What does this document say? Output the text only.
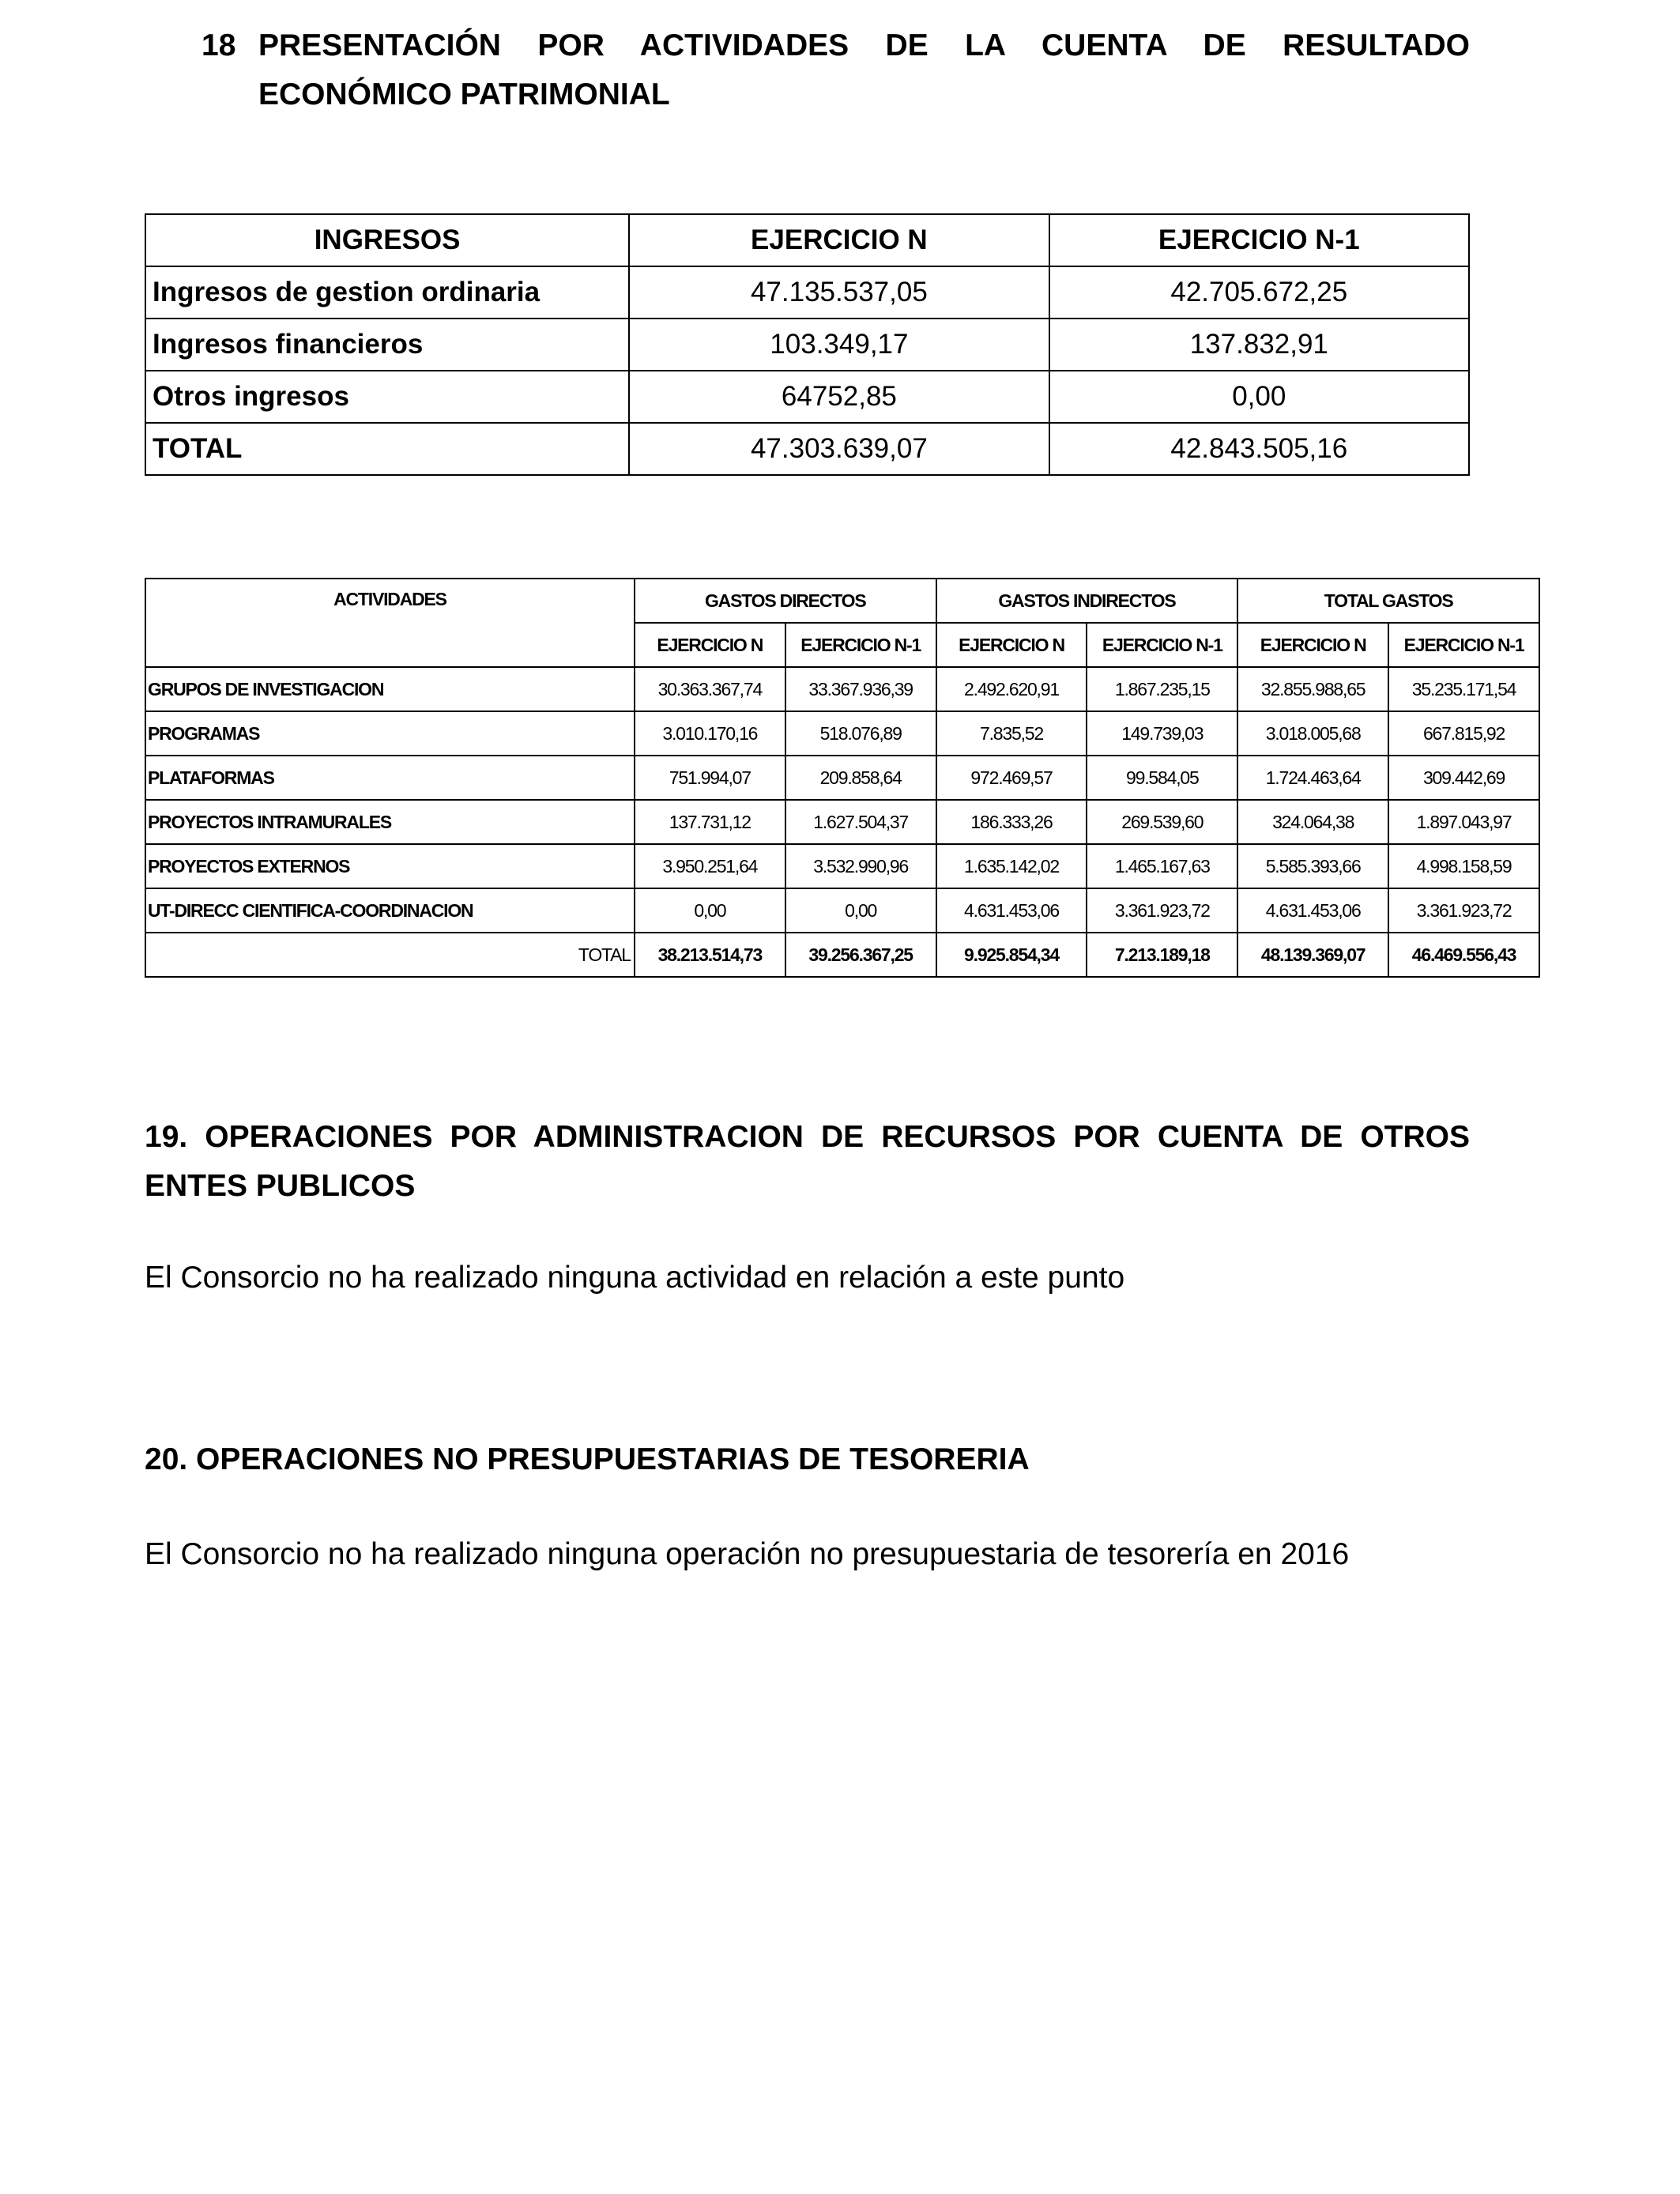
18 PRESENTACIÓN POR ACTIVIDADES DE LA CUENTA DE RESULTADO ECONÓMICO PATRIMONIAL
INGRESOS	EJERCICIO N	EJERCICIO N-1
Ingresos de gestion ordinaria	47.135.537,05	42.705.672,25
Ingresos financieros	103.349,17	137.832,91
Otros ingresos	64752,85	0,00
TOTAL	47.303.639,07	42.843.505,16
ACTIVIDADES	GASTOS DIRECTOS		GASTOS INDIRECTOS		TOTAL GASTOS	
	EJERCICIO N	EJERCICIO N-1	EJERCICIO N	EJERCICIO N-1	EJERCICIO N	EJERCICIO N-1
GRUPOS DE INVESTIGACION	30.363.367,74	33.367.936,39	2.492.620,91	1.867.235,15	32.855.988,65	35.235.171,54
PROGRAMAS	3.010.170,16	518.076,89	7.835,52	149.739,03	3.018.005,68	667.815,92
PLATAFORMAS	751.994,07	209.858,64	972.469,57	99.584,05	1.724.463,64	309.442,69
PROYECTOS INTRAMURALES	137.731,12	1.627.504,37	186.333,26	269.539,60	324.064,38	1.897.043,97
PROYECTOS EXTERNOS	3.950.251,64	3.532.990,96	1.635.142,02	1.465.167,63	5.585.393,66	4.998.158,59
UT-DIRECC CIENTIFICA-COORDINACION	0,00	0,00	4.631.453,06	3.361.923,72	4.631.453,06	3.361.923,72
TOTAL	38.213.514,73	39.256.367,25	9.925.854,34	7.213.189,18	48.139.369,07	46.469.556,43
19. OPERACIONES POR ADMINISTRACION DE RECURSOS POR CUENTA DE OTROS ENTES PUBLICOS
El Consorcio no ha realizado ninguna actividad en relación a este punto
20. OPERACIONES NO PRESUPUESTARIAS DE TESORERIA
El Consorcio no ha realizado ninguna operación no presupuestaria de tesorería en 2016
